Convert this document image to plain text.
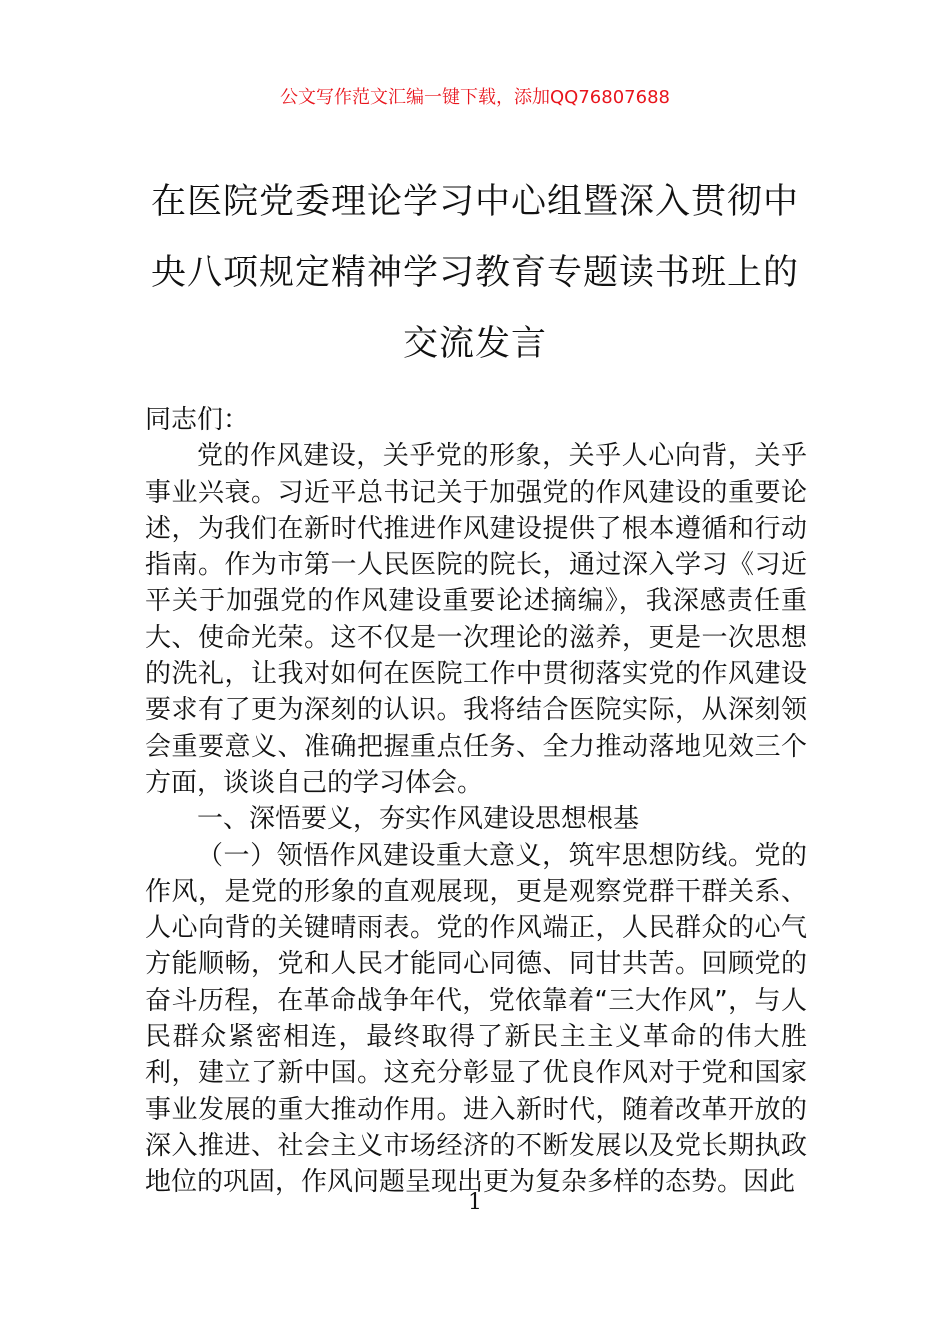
公文写作范文汇编一键下载，添加QQ76807688
在医院党委理论学习中心组暨深入贯彻中央八项规定精神学习教育专题读书班上的交流发言

同志们：

党的作风建设，关乎党的形象，关乎人心向背，关乎事业兴衰。习近平总书记关于加强党的作风建设的重要论述，为我们在新时代推进作风建设提供了根本遵循和行动指南。作为市第一人民医院的院长，通过深入学习《习近平关于加强党的作风建设重要论述摘编》，我深感责任重大、使命光荣。这不仅是一次理论的滋养，更是一次思想的洗礼，让我对如何在医院工作中贯彻落实党的作风建设要求有了更为深刻的认识。我将结合医院实际，从深刻领会重要意义、准确把握重点任务、全力推动落地见效三个方面，谈谈自己的学习体会。

一、深悟要义，夯实作风建设思想根基

（一）领悟作风建设重大意义，筑牢思想防线。党的作风，是党的形象的直观展现，更是观察党群干群关系、人心向背的关键晴雨表。党的作风端正，人民群众的心气方能顺畅，党和人民才能同心同德、同甘共苦。回顾党的奋斗历程，在革命战争年代，党依靠着“三大作风”，与人民群众紧密相连，最终取得了新民主主义革命的伟大胜利，建立了新中国。这充分彰显了优良作风对于党和国家事业发展的重大推动作用。进入新时代，随着改革开放的深入推进、社会主义市场经济的不断发展以及党长期执政地位的巩固，作风问题呈现出更为复杂多样的态势。因此

1
